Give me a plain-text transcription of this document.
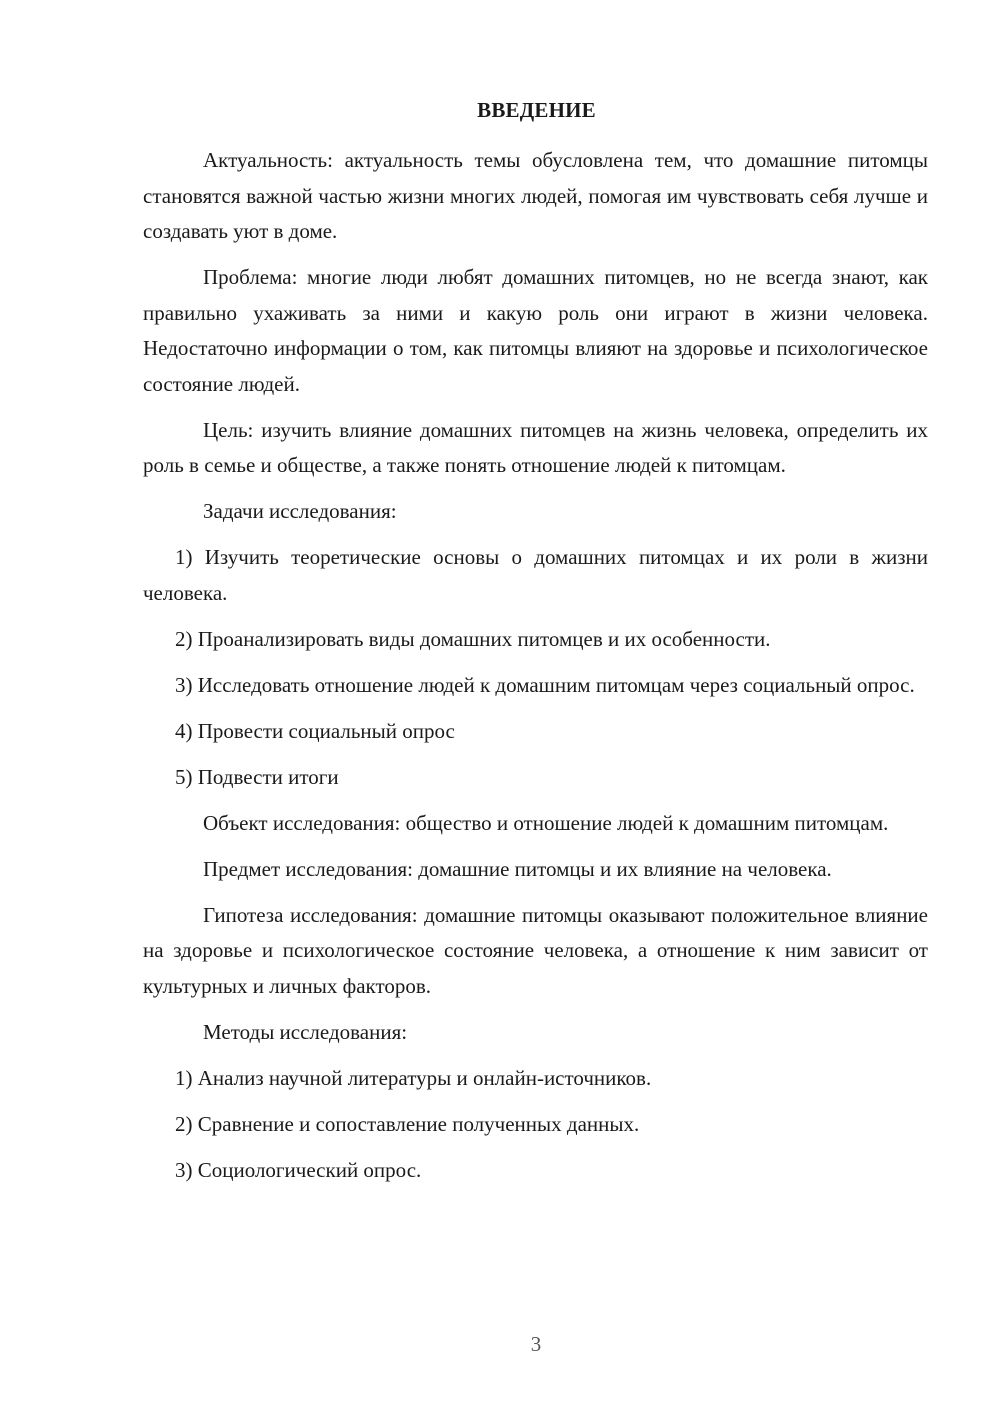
ВВЕДЕНИЕ

Актуальность: актуальность темы обусловлена тем, что домашние питомцы становятся важной частью жизни многих людей, помогая им чувствовать себя лучше и создавать уют в доме.

Проблема: многие люди любят домашних питомцев, но не всегда знают, как правильно ухаживать за ними и какую роль они играют в жизни человека. Недостаточно информации о том, как питомцы влияют на здоровье и психологическое состояние людей.

Цель: изучить влияние домашних питомцев на жизнь человека, определить их роль в семье и обществе, а также понять отношение людей к питомцам.

Задачи исследования:

1) Изучить теоретические основы о домашних питомцах и их роли в жизни человека.

2) Проанализировать виды домашних питомцев и их особенности.

3) Исследовать отношение людей к домашним питомцам через социальный опрос.

4) Провести социальный опрос

5) Подвести итоги

Объект исследования: общество и отношение людей к домашним питомцам.

Предмет исследования: домашние питомцы и их влияние на человека.

Гипотеза исследования: домашние питомцы оказывают положительное влияние на здоровье и психологическое состояние человека, а отношение к ним зависит от культурных и личных факторов.

Методы исследования:

1) Анализ научной литературы и онлайн-источников.

2) Сравнение и сопоставление полученных данных.

3) Социологический опрос.

3
